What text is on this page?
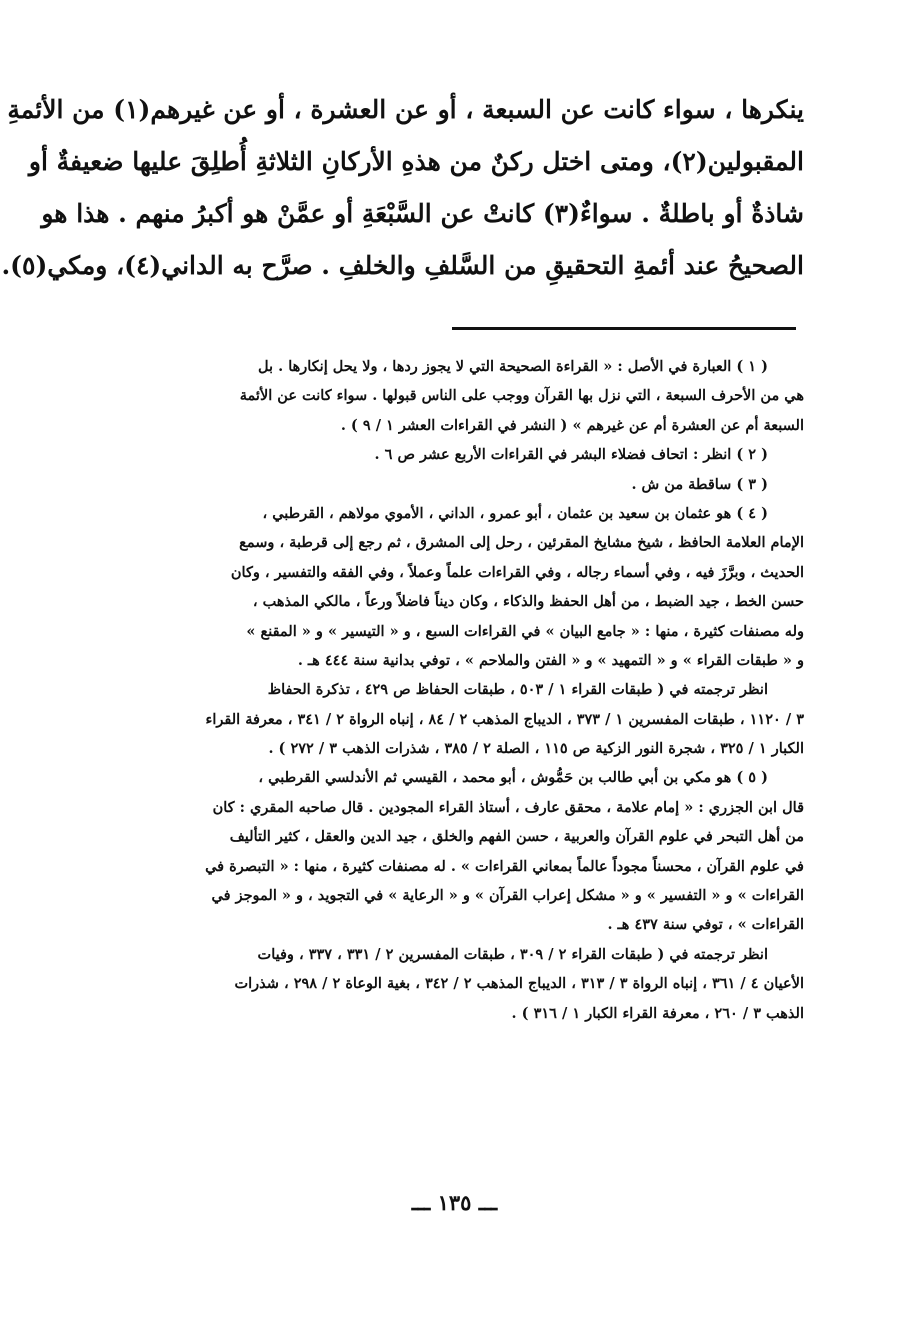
ينكرها ، سواء كانت عن السبعة ، أو عن العشرة ، أو عن غيرهم(١) من الأئمةِ
المقبولين(٢)، ومتى اختل ركنٌ من هذهِ الأركانِ الثلاثةِ أُطلِقَ عليها ضعيفةٌ أو
شاذةٌ أو باطلةٌ . سواءٌ(٣) كانتْ عن السَّبْعَةِ أو عمَّنْ هو أكبرُ منهم . هذا هو
الصحيحُ عند أئمةِ التحقيقِ من السَّلفِ والخلفِ . صرَّح به الداني(٤)، ومكي(٥).
( ١ ) العبارة في الأصل : « القراءة الصحيحة التي لا يجوز ردها ، ولا يحل إنكارها . بل
هي من الأحرف السبعة ، التي نزل بها القرآن ووجب على الناس قبولها . سواء كانت عن الأئمة
السبعة أم عن العشرة أم عن غيرهم » ( النشر في القراءات العشر ١ / ٩ ) .
( ٢ ) انظر : اتحاف فضلاء البشر في القراءات الأربع عشر ص ٦ .
( ٣ ) ساقطة من ش .
( ٤ ) هو عثمان بن سعيد بن عثمان ، أبو عمرو ، الداني ، الأموي مولاهم ، القرطبي ،
الإمام العلامة الحافظ ، شيخ مشايخ المقرئين ، رحل إلى المشرق ، ثم رجع إلى قرطبة ، وسمع
الحديث ، وبرَّزَ فيه ، وفي أسماء رجاله ، وفي القراءات علماً وعملاً ، وفي الفقه والتفسير ، وكان
حسن الخط ، جيد الضبط ، من أهل الحفظ والذكاء ، وكان ديناً فاضلاً ورعاً ، مالكي المذهب ،
وله مصنفات كثيرة ، منها : « جامع البيان » في القراءات السبع ، و « التيسير » و « المقنع »
و « طبقات القراء » و « التمهيد » و « الفتن والملاحم » ، توفي بدانية سنة ٤٤٤ هـ .
انظر ترجمته في ( طبقات القراء ١ / ٥٠٣ ، طبقات الحفاظ ص ٤٢٩ ، تذكرة الحفاظ
٣ / ١١٢٠ ، طبقات المفسرين ١ / ٣٧٣ ، الديباج المذهب ٢ / ٨٤ ، إنباه الرواة ٢ / ٣٤١ ، معرفة القراء
الكبار ١ / ٣٢٥ ، شجرة النور الزكية ص ١١٥ ، الصلة ٢ / ٣٨٥ ، شذرات الذهب ٣ / ٢٧٢ ) .
( ٥ ) هو مكي بن أبي طالب بن حَمُّوش ، أبو محمد ، القيسي ثم الأندلسي القرطبي ،
قال ابن الجزري : « إمام علامة ، محقق عارف ، أستاذ القراء المجودين . قال صاحبه المقري : كان
من أهل التبحر في علوم القرآن والعربية ، حسن الفهم والخلق ، جيد الدين والعقل ، كثير التأليف
في علوم القرآن ، محسناً مجوداً عالماً بمعاني القراءات » . له مصنفات كثيرة ، منها : « التبصرة في
القراءات » و « التفسير » و « مشكل إعراب القرآن » و « الرعاية » في التجويد ، و « الموجز في
القراءات » ، توفي سنة ٤٣٧ هـ .
انظر ترجمته في ( طبقات القراء ٢ / ٣٠٩ ، طبقات المفسرين ٢ / ٣٣١ ، ٣٣٧ ، وفيات
الأعيان ٤ / ٣٦١ ، إنباه الرواة ٣ / ٣١٣ ، الديباج المذهب ٢ / ٣٤٢ ، بغية الوعاة ٢ / ٢٩٨ ، شذرات
الذهب ٣ / ٢٦٠ ، معرفة القراء الكبار ١ / ٣١٦ ) .
ـــ ١٣٥ ـــ
